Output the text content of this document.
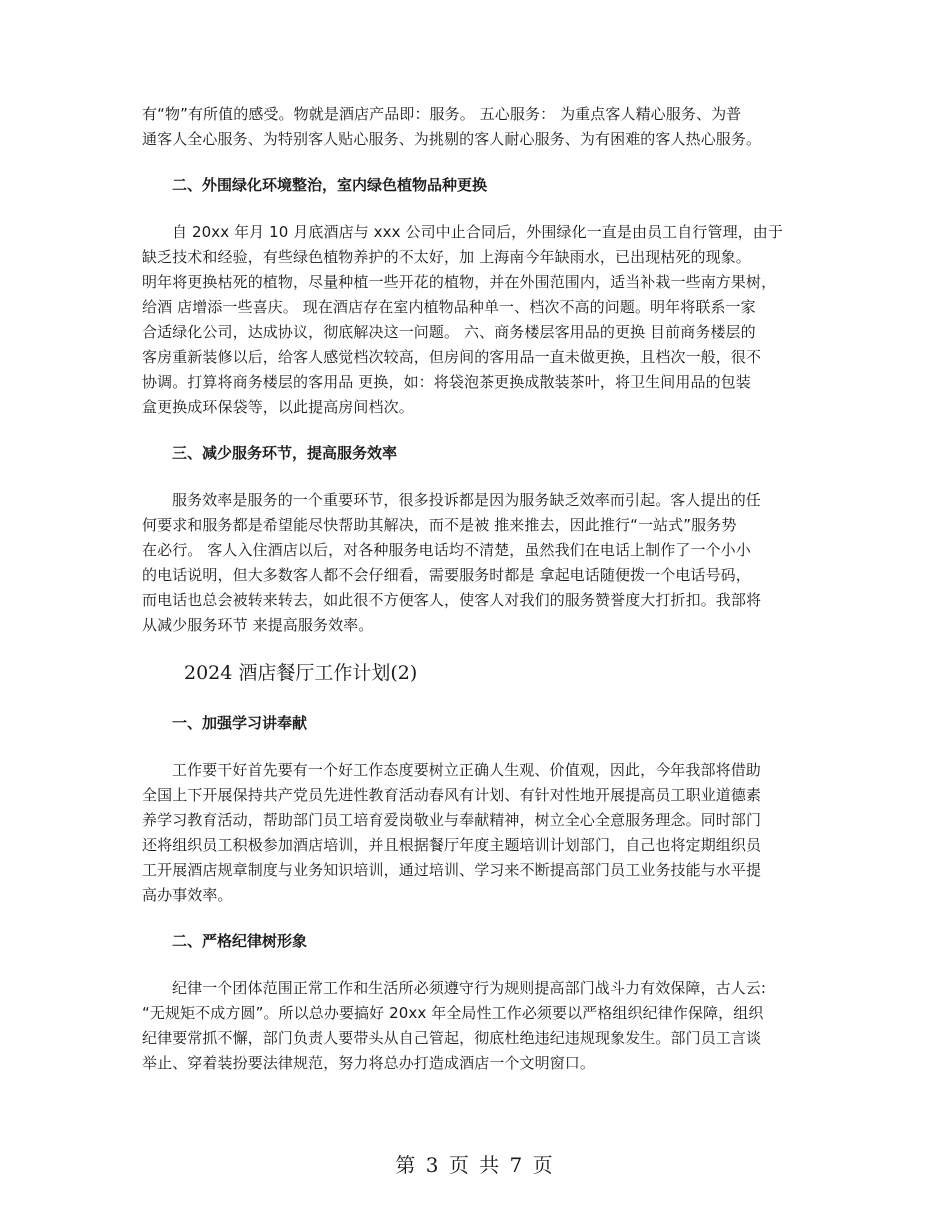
有“物”有所值的感受。物就是酒店产品即：服务。 五心服务： 为重点客人精心服务、为普
通客人全心服务、为特别客人贴心服务、为挑剔的客人耐心服务、为有困难的客人热心服务。
二、外围绿化环境整治，室内绿色植物品种更换
自 20xx 年月 10 月底酒店与 xxx 公司中止合同后，外围绿化一直是由员工自行管理，由于
缺乏技术和经验，有些绿色植物养护的不太好，加 上海南今年缺雨水，已出现枯死的现象。
明年将更换枯死的植物，尽量种植一些开花的植物，并在外围范围内，适当补栽一些南方果树，
给酒 店增添一些喜庆。 现在酒店存在室内植物品种单一、档次不高的问题。明年将联系一家
合适绿化公司，达成协议，彻底解决这一问题。 六、商务楼层客用品的更换 目前商务楼层的
客房重新装修以后，给客人感觉档次较高，但房间的客用品一直未做更换，且档次一般，很不
协调。打算将商务楼层的客用品 更换，如：将袋泡茶更换成散装茶叶，将卫生间用品的包装
盒更换成环保袋等，以此提高房间档次。
三、减少服务环节，提高服务效率
服务效率是服务的一个重要环节，很多投诉都是因为服务缺乏效率而引起。客人提出的任
何要求和服务都是希望能尽快帮助其解决，而不是被 推来推去，因此推行“一站式”服务势
在必行。 客人入住酒店以后，对各种服务电话均不清楚，虽然我们在电话上制作了一个小小
的电话说明，但大多数客人都不会仔细看，需要服务时都是 拿起电话随便拨一个电话号码，
而电话也总会被转来转去，如此很不方便客人，使客人对我们的服务赞誉度大打折扣。我部将
从减少服务环节 来提高服务效率。
2024 酒店餐厅工作计划(2)
一、加强学习讲奉献
工作要干好首先要有一个好工作态度要树立正确人生观、价值观，因此，今年我部将借助
全国上下开展保持共产党员先进性教育活动春风有计划、有针对性地开展提高员工职业道德素
养学习教育活动，帮助部门员工培育爱岗敬业与奉献精神，树立全心全意服务理念。同时部门
还将组织员工积极参加酒店培训，并且根据餐厅年度主题培训计划部门，自己也将定期组织员
工开展酒店规章制度与业务知识培训，通过培训、学习来不断提高部门员工业务技能与水平提
高办事效率。
二、严格纪律树形象
纪律一个团体范围正常工作和生活所必须遵守行为规则提高部门战斗力有效保障，古人云:
“无规矩不成方圆”。所以总办要搞好 20xx 年全局性工作必须要以严格组织纪律作保障，组织
纪律要常抓不懈，部门负责人要带头从自己管起，彻底杜绝违纪违规现象发生。部门员工言谈
举止、穿着装扮要法律规范，努力将总办打造成酒店一个文明窗口。
第 3 页 共 7 页
